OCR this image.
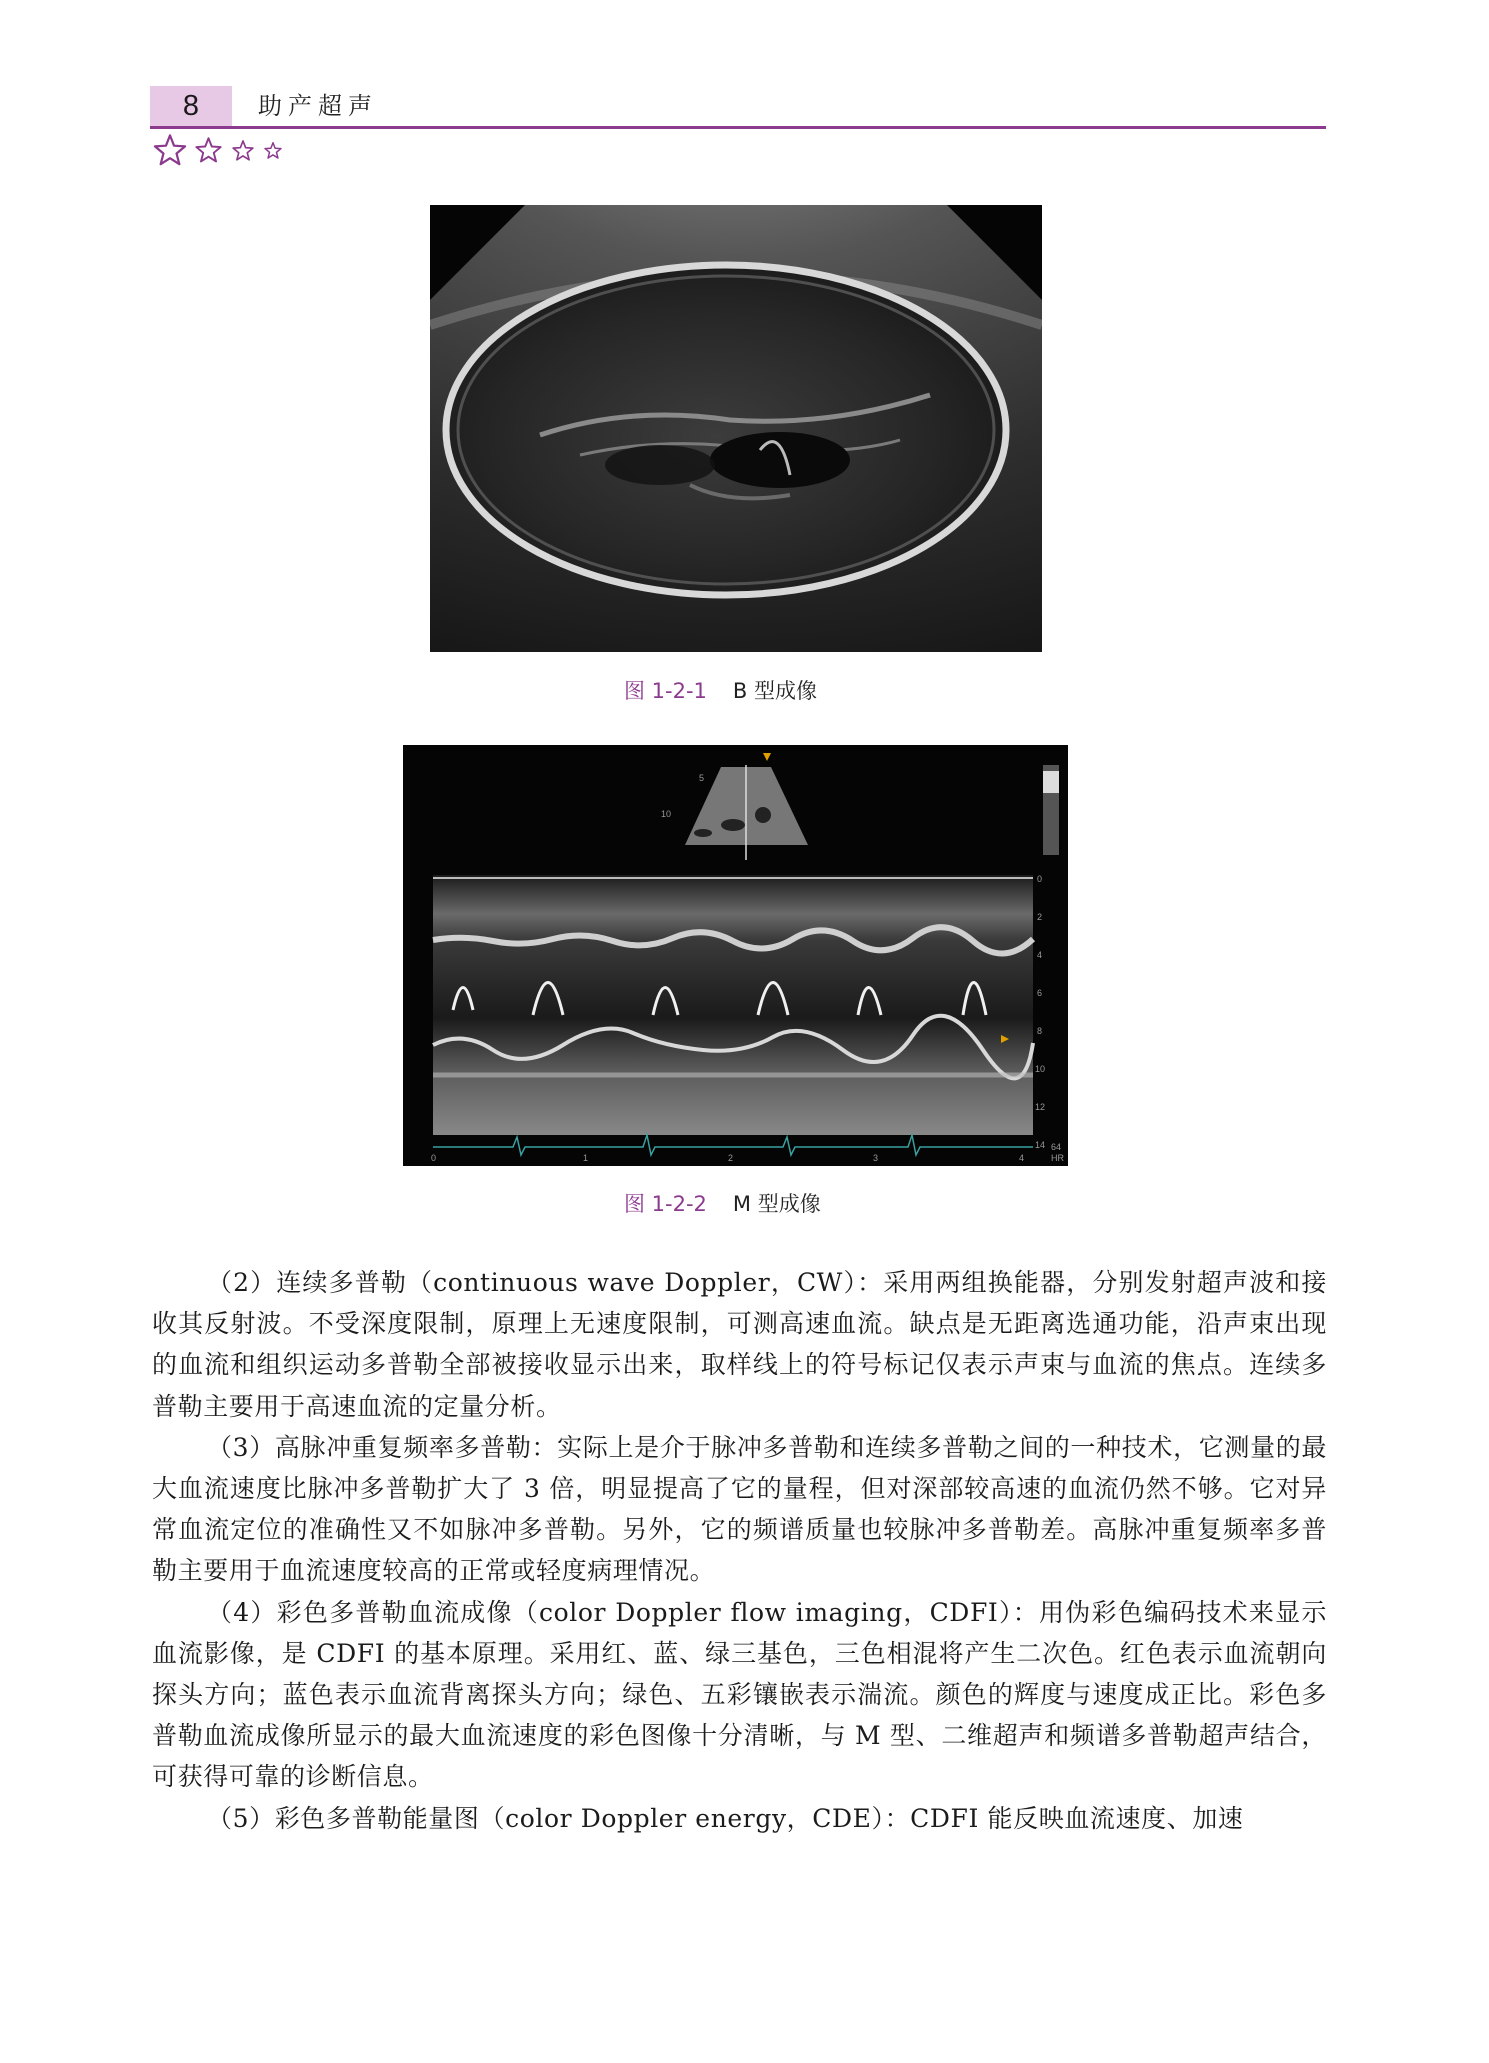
8	助产超声
图 1-2-1 B 型成像
5
10
0
2
4
6
8
10
12
14 64
HR
0	1	2	3	4
图 1-2-2 M 型成像

（2）连续多普勒（continuous wave Doppler，CW）：采用两组换能器，分别发射超声波和接收其反射波。不受深度限制，原理上无速度限制，可测高速血流。缺点是无距离选通功能，沿声束出现的血流和组织运动多普勒全部被接收显示出来，取样线上的符号标记仅表示声束与血流的焦点。连续多普勒主要用于高速血流的定量分析。

（3）高脉冲重复频率多普勒：实际上是介于脉冲多普勒和连续多普勒之间的一种技术，它测量的最大血流速度比脉冲多普勒扩大了 3 倍，明显提高了它的量程，但对深部较高速的血流仍然不够。它对异常血流定位的准确性又不如脉冲多普勒。另外，它的频谱质量也较脉冲多普勒差。高脉冲重复频率多普勒主要用于血流速度较高的正常或轻度病理情况。

（4）彩色多普勒血流成像（color Doppler flow imaging，CDFI）：用伪彩色编码技术来显示血流影像，是 CDFI 的基本原理。采用红、蓝、绿三基色，三色相混将产生二次色。红色表示血流朝向探头方向；蓝色表示血流背离探头方向；绿色、五彩镶嵌表示湍流。颜色的辉度与速度成正比。彩色多普勒血流成像所显示的最大血流速度的彩色图像十分清晰，与 M 型、二维超声和频谱多普勒超声结合，可获得可靠的诊断信息。

（5）彩色多普勒能量图（color Doppler energy，CDE）：CDFI 能反映血流速度、加速
